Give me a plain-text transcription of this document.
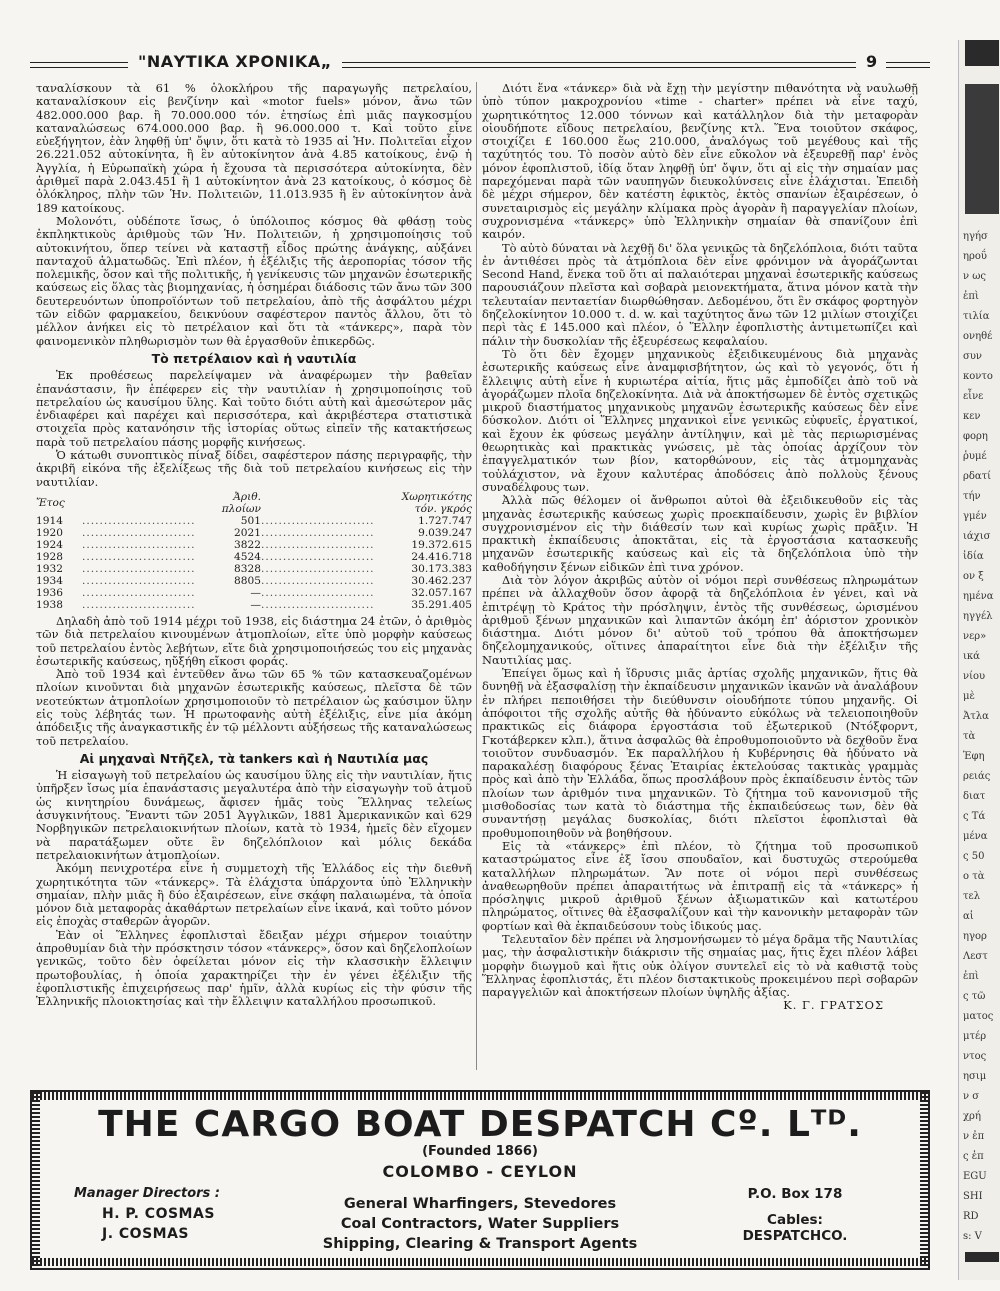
"ΝΑΥΤΙΚΑ ΧΡΟΝΙΚΑ„	9

ταναλίσκουν τὰ 61 % ὁλοκλήρου τῆς παραγωγῆς πετρελαίου, καταναλίσκουν εἰς βενζίνην καὶ «motor fuels» μόνον, ἄνω τῶν 482.000.000 βαρ. ἢ 70.000.000 τόν. ἐτησίως ἐπὶ μιᾶς παγκοσμίου καταναλώσεως 674.000.000 βαρ. ἢ 96.000.000 τ. Καὶ τοῦτο εἶνε εὐεξήγητον, ἐὰν ληφθῇ ὑπ' ὄψιν, ὅτι κατὰ τὸ 1935 αἱ Ἡν. Πολιτεῖαι εἶχον 26.221.052 αὐτοκίνητα, ἢ ἓν αὐτοκίνητον ἀνὰ 4.85 κατοίκους, ἐνῷ ἡ Ἀγγλία, ἡ Εὐρωπαϊκὴ χώρα ἡ ἔχουσα τὰ περισσότερα αὐτοκίνητα, δὲν ἀριθμεῖ παρὰ 2.043.451 ἢ 1 αὐτοκίνητον ἀνὰ 23 κατοίκους, ὁ κόσμος δὲ ὁλόκληρος, πλὴν τῶν Ἡν. Πολιτειῶν, 11.013.935 ἢ ἓν αὐτοκίνητον ἀνὰ 189 κατοίκους.

Μολονότι, οὐδέποτε ἴσως, ὁ ὑπόλοιπος κόσμος θὰ φθάσῃ τοὺς ἐκπληκτικοὺς ἀριθμοὺς τῶν Ἡν. Πολιτειῶν, ἡ χρησιμοποίησις τοῦ αὐτοκινήτου, ὅπερ τείνει νὰ καταστῇ εἶδος πρώτης ἀνάγκης, αὐξάνει πανταχοῦ ἁλματωδῶς. Ἐπὶ πλέον, ἡ ἐξέλιξις τῆς ἀεροπορίας τόσον τῆς πολεμικῆς, ὅσον καὶ τῆς πολιτικῆς, ἡ γενίκευσις τῶν μηχανῶν ἐσωτερικῆς καύσεως εἰς ὅλας τὰς βιομηχανίας, ἡ ὁσημέραι διάδοσις τῶν ἄνω τῶν 300 δευτερευόντων ὑποπροϊόντων τοῦ πετρελαίου, ἀπὸ τῆς ἀσφάλτου μέχρι τῶν εἰδῶν φαρμακείου, δεικνύουν σαφέστερον παντὸς ἄλλου, ὅτι τὸ μέλλον ἀνήκει εἰς τὸ πετρέλαιον καὶ ὅτι τὰ «τάνκερς», παρὰ τὸν φαινομενικὸν πληθωρισμὸν των θὰ ἐργασθοῦν ἐπικερδῶς.

Τὸ πετρέλαιον καὶ ἡ ναυτιλία

Ἐκ προθέσεως παρελείψαμεν νὰ ἀναφέρωμεν τὴν βαθεῖαν ἐπανάστασιν, ἣν ἐπέφερεν εἰς τὴν ναυτιλίαν ἡ χρησιμοποίησις τοῦ πετρελαίου ὡς καυσίμου ὕλης. Καὶ τοῦτο διότι αὐτὴ καὶ ἀμεσώτερον μᾶς ἐνδιαφέρει καὶ παρέχει καὶ περισσότερα, καὶ ἀκριβέστερα στατιστικὰ στοιχεῖα πρὸς κατανόησιν τῆς ἱστορίας οὕτως εἰπεῖν τῆς κατακτήσεως παρὰ τοῦ πετρελαίου πάσης μορφῆς κινήσεως.

Ὁ κάτωθι συνοπτικὸς πίναξ δίδει, σαφέστερον πάσης περιγραφῆς, τὴν ἀκριβῆ εἰκόνα τῆς ἐξελίξεως τῆς διὰ τοῦ πετρελαίου κινήσεως εἰς τὴν ναυτιλίαν.

Ἔτος		Ἀριθ. πλοίων		Χωρητικότης τόν. γκρός
1914	..........................	501	..........................	1.727.747
1920	..........................	2021	..........................	9.039.247
1924	..........................	3822	..........................	19.372.615
1928	..........................	4524	..........................	24.416.718
1932	..........................	8328	..........................	30.173.383
1934	..........................	8805	..........................	30.462.237
1936	..........................	—	..........................	32.057.167
1938	..........................	—	..........................	35.291.405

Δηλαδὴ ἀπὸ τοῦ 1914 μέχρι τοῦ 1938, εἰς διάστημα 24 ἐτῶν, ὁ ἀριθμὸς τῶν διὰ πετρελαίου κινουμένων ἀτμοπλοίων, εἴτε ὑπὸ μορφὴν καύσεως τοῦ πετρελαίου ἐντὸς λεβήτων, εἴτε διὰ χρησιμοποιήσεώς του εἰς μηχανὰς ἐσωτερικῆς καύσεως, ηὔξήθη εἴκοσι φοράς.

Ἀπὸ τοῦ 1934 καὶ ἐντεῦθεν ἄνω τῶν 65 % τῶν κατασκευαζομένων πλοίων κινοῦνται διὰ μηχανῶν ἐσωτερικῆς καύσεως, πλεῖστα δὲ τῶν νεοτεύκτων ἀτμοπλοίων χρησιμοποιοῦν τὸ πετρέλαιον ὡς καύσιμον ὕλην εἰς τοὺς λέβητάς των. Ἡ πρωτοφανὴς αὐτὴ ἐξέλιξις, εἶνε μία ἀκόμη ἀπόδειξις τῆς ἀναγκαστικῆς ἐν τῷ μέλλοντι αὐξήσεως τῆς καταναλώσεως τοῦ πετρελαίου.

Αἱ μηχαναὶ Ντῆζελ, τὰ tankers καὶ ἡ Ναυτιλία μας

Ἡ εἰσαγωγὴ τοῦ πετρελαίου ὡς καυσίμου ὕλης εἰς τὴν ναυτιλίαν, ἥτις ὑπῆρξεν ἴσως μία ἐπανάστασις μεγαλυτέρα ἀπὸ τὴν εἰσαγωγὴν τοῦ ἀτμοῦ ὡς κινητηρίου δυνάμεως, ἄφισεν ἡμᾶς τοὺς Ἕλληνας τελείως ἀσυγκινήτους. Ἔναντι τῶν 2051 Ἀγγλικῶν, 1881 Ἀμερικανικῶν καὶ 629 Νορβηγικῶν πετρελαιοκινήτων πλοίων, κατὰ τὸ 1934, ἡμεῖς δὲν εἴχομεν νὰ παρατάξωμεν οὔτε ἓν δηζελόπλοιον καὶ μόλις δεκάδα πετρελαιοκινήτων ἀτμοπλοίων.

Ἀκόμη πενιχροτέρα εἶνε ἡ συμμετοχὴ τῆς Ἑλλάδος εἰς τὴν διεθνῆ χωρητικότητα τῶν «τάνκερς». Τὰ ἐλάχιστα ὑπάρχοντα ὑπὸ Ἑλληνικὴν σημαίαν, πλὴν μιᾶς ἢ δύο ἐξαιρέσεων, εἶνε σκάφη παλαιωμένα, τὰ ὁποῖα μόνον διὰ μεταφορὰς ἀκαθάρτων πετρελαίων εἶνε ἱκανά, καὶ τοῦτο μόνον εἰς ἐποχὰς σταθερῶν ἀγορῶν.

Ἐὰν οἱ Ἕλληνες ἐφοπλισταὶ ἔδειξαν μέχρι σήμερον τοιαύτην ἀπροθυμίαν διὰ τὴν πρόσκτησιν τόσον «τάνκερς», ὅσον καὶ δηζελοπλοίων γενικῶς, τοῦτο δὲν ὀφείλεται μόνον εἰς τὴν κλασσικὴν ἔλλειψιν πρωτοβουλίας, ἡ ὁποία χαρακτηρίζει τὴν ἐν γένει ἐξέλιξιν τῆς ἐφοπλιστικῆς ἐπιχειρήσεως παρ' ἡμῖν, ἀλλὰ κυρίως εἰς τὴν φύσιν τῆς Ἑλληνικῆς πλοιοκτησίας καὶ τὴν ἔλλειψιν καταλλήλου προσωπικοῦ.

Διότι ἕνα «τάνκερ» διὰ νὰ ἔχῃ τὴν μεγίστην πιθανότητα νὰ ναυλωθῇ ὑπὸ τύπον μακροχρονίου «time - charter» πρέπει νὰ εἶνε ταχύ, χωρητικότητος 12.000 τόννων καὶ κατάλληλον διὰ τὴν μεταφορὰν οἱουδήποτε εἴδους πετρελαίου, βενζίνης κτλ. Ἕνα τοιοῦτον σκάφος, στοιχίζει £ 160.000 ἕως 210.000, ἀναλόγως τοῦ μεγέθους καὶ τῆς ταχύτητός του. Τὸ ποσὸν αὐτὸ δὲν εἶνε εὔκολον νὰ ἐξευρεθῇ παρ' ἑνὸς μόνον ἐφοπλιστοῦ, ἰδίᾳ ὅταν ληφθῇ ὑπ' ὄψιν, ὅτι αἱ εἰς τὴν σημαίαν μας παρεχόμεναι παρὰ τῶν ναυπηγῶν διευκολύνσεις εἶνε ἐλάχισται. Ἐπειδὴ δὲ μέχρι σήμερον, δὲν κατέστη ἐφικτὸς, ἐκτὸς σπανίων ἐξαιρέσεων, ὁ συνεταιρισμὸς εἰς μεγάλην κλίμακα πρὸς ἀγορὰν ἢ παραγγελίαν πλοίων, συχρονισμένα «τάνκερς» ὑπὸ Ἑλληνικὴν σημαίαν θὰ σπανίζουν ἐπὶ καιρόν.

Τὸ αὐτὸ δύναται νὰ λεχθῇ δι' ὅλα γενικῶς τὰ δηζελόπλοια, διότι ταῦτα ἐν ἀντιθέσει πρὸς τὰ ἀτμόπλοια δὲν εἶνε φρόνιμον νὰ ἀγοράζωνται Second Hand, ἕνεκα τοῦ ὅτι αἱ παλαιότεραι μηχαναὶ ἐσωτερικῆς καύσεως παρουσιάζουν πλεῖστα καὶ σοβαρὰ μειονεκτήματα, ἅτινα μόνον κατὰ τὴν τελευταίαν πενταετίαν διωρθώθησαν. Δεδομένου, ὅτι ἓν σκάφος φορτηγὸν δηζελοκίνητον 10.000 τ. d. w. καὶ ταχύτητος ἄνω τῶν 12 μιλίων στοιχίζει περὶ τὰς £ 145.000 καὶ πλέον, ὁ Ἕλλην ἐφοπλιστὴς ἀντιμετωπίζει καὶ πάλιν τὴν δυσκολίαν τῆς ἐξευρέσεως κεφαλαίου.

Τὸ ὅτι δὲν ἔχομεν μηχανικοὺς ἐξειδικευμένους διὰ μηχανὰς ἐσωτερικῆς καύσεως εἶνε ἀναμφισβήτητον, ὡς καὶ τὸ γεγονός, ὅτι ἡ ἔλλειψις αὐτὴ εἶνε ἡ κυριωτέρα αἰτία, ἥτις μᾶς ἐμποδίζει ἀπὸ τοῦ νὰ ἀγοράζωμεν πλοῖα δηζελοκίνητα. Διὰ νὰ ἀποκτήσωμεν δὲ ἐντὸς σχετικῶς μικροῦ διαστήματος μηχανικοὺς μηχανῶν ἐσωτερικῆς καύσεως δὲν εἶνε δύσκολον. Διότι οἱ Ἕλληνες μηχανικοὶ εἶνε γενικῶς εὐφυεῖς, ἐργατικοί, καὶ ἔχουν ἐκ φύσεως μεγάλην ἀντίληψιν, καὶ μὲ τὰς περιωρισμένας θεωρητικὰς καὶ πρακτικὰς γνώσεις, μὲ τὰς ὁποίας ἀρχίζουν τὸν ἐπαγγελματικόν των βίον, κατορθώνουν, εἰς τὰς ἀτμομηχανὰς τοὐλάχιστον, νὰ ἔχουν καλυτέρας ἀποδόσεις ἀπὸ πολλοὺς ξένους συναδέλφους των.

Ἀλλὰ πῶς θέλομεν οἱ ἄνθρωποι αὐτοὶ θὰ ἐξειδικευθοῦν εἰς τὰς μηχανὰς ἐσωτερικῆς καύσεως χωρὶς προεκπαίδευσιν, χωρὶς ἓν βιβλίον συγχρονισμένον εἰς τὴν διάθεσίν των καὶ κυρίως χωρὶς πρᾶξιν. Ἡ πρακτικὴ ἐκπαίδευσις ἀποκτᾶται, εἰς τὰ ἐργοστάσια κατασκευῆς μηχανῶν ἐσωτερικῆς καύσεως καὶ εἰς τὰ δηζελόπλοια ὑπὸ τὴν καθοδήγησιν ξένων εἰδικῶν ἐπὶ τινα χρόνον.

Διὰ τὸν λόγον ἀκριβῶς αὐτὸν οἱ νόμοι περὶ συνθέσεως πληρωμάτων πρέπει νὰ ἀλλαχθοῦν ὅσον ἀφορᾷ τὰ δηζελόπλοια ἐν γένει, καὶ νὰ ἐπιτρέψῃ τὸ Κράτος τὴν πρόσληψιν, ἐντὸς τῆς συνθέσεως, ὡρισμένου ἀριθμοῦ ξένων μηχανικῶν καὶ λιπαντῶν ἀκόμη ἐπ' ἀόριστον χρονικὸν διάστημα. Διότι μόνον δι' αὐτοῦ τοῦ τρόπου θὰ ἀποκτήσωμεν δηζελομηχανικούς, οἵτινες ἀπαραίτητοι εἶνε διὰ τὴν ἐξέλιξιν τῆς Ναυτιλίας μας.

Ἐπείγει ὅμως καὶ ἡ ἵδρυσις μιᾶς ἀρτίας σχολῆς μηχανικῶν, ἥτις θὰ δυνηθῇ νὰ ἐξασφαλίσῃ τὴν ἐκπαίδευσιν μηχανικῶν ἱκανῶν νὰ ἀναλάβουν ἐν πλήρει πεποιθήσει τὴν διεύθυνσιν οἱουδήποτε τύπου μηχανῆς. Οἱ ἀπόφοιτοι τῆς σχολῆς αὐτῆς θὰ ἠδύναντο εὐκόλως νὰ τελειοποιηθοῦν πρακτικῶς εἰς διάφορα ἐργοστάσια τοῦ ἐξωτερικοῦ (Ντόξφορντ, Γκοτάβερκεν κλπ.), ἅτινα ἀσφαλῶς θὰ ἐπροθυμοποιοῦντο νὰ δεχθοῦν ἕνα τοιοῦτον συνδυασμόν. Ἐκ παραλλήλου ἡ Κυβέρνησις θὰ ἠδύνατο νὰ παρακαλέσῃ διαφόρους ξένας Ἑταιρίας ἐκτελούσας τακτικὰς γραμμὰς πρὸς καὶ ἀπὸ τὴν Ἑλλάδα, ὅπως προσλάβουν πρὸς ἐκπαίδευσιν ἐντὸς τῶν πλοίων των ἀριθμόν τινα μηχανικῶν. Τὸ ζήτημα τοῦ κανονισμοῦ τῆς μισθοδοσίας των κατὰ τὸ διάστημα τῆς ἐκπαιδεύσεως των, δὲν θὰ συναντήσῃ μεγάλας δυσκολίας, διότι πλεῖστοι ἐφοπλισταὶ θὰ προθυμοποιηθοῦν νὰ βοηθήσουν.

Εἰς τὰ «τάνκερς» ἐπὶ πλέον, τὸ ζήτημα τοῦ προσωπικοῦ καταστρώματος εἶνε ἐξ ἴσου σπουδαῖον, καὶ δυστυχῶς στερούμεθα καταλλήλων πληρωμάτων. Ἂν ποτε οἱ νόμοι περὶ συνθέσεως ἀναθεωρηθοῦν πρέπει ἀπαραιτήτως νὰ ἐπιτραπῇ εἰς τὰ «τάνκερς» ἡ πρόσληψις μικροῦ ἀριθμοῦ ξένων ἀξιωματικῶν καὶ κατωτέρου πληρώματος, οἵτινες θὰ ἐξασφαλίζουν καὶ τὴν κανονικὴν μεταφορὰν τῶν φορτίων καὶ θὰ ἐκπαιδεύσουν τοὺς ἰδικούς μας.

Τελευταῖον δὲν πρέπει νὰ λησμονήσωμεν τὸ μέγα δρᾶμα τῆς Ναυτιλίας μας, τὴν ἀσφαλιστικὴν διάκρισιν τῆς σημαίας μας, ἥτις ἔχει πλέον λάβει μορφὴν διωγμοῦ καὶ ἥτις οὐκ ὀλίγον συντελεῖ εἰς τὸ νὰ καθιστᾷ τοὺς Ἕλληνας ἐφοπλιστάς, ἔτι πλέον διστακτικοὺς προκειμένου περὶ σοβαρῶν παραγγελιῶν καὶ ἀποκτήσεων πλοίων ὑψηλῆς ἀξίας.

Κ. Γ. ΓΡΑΤΣΟΣ

THE CARGO BOAT DESPATCH Cº. Lᵀᴰ.
(Founded 1866)
COLOMBO - CEYLON
Manager Directors :
H. P. COSMAS
J. COSMAS
General Wharfingers, Stevedores
Coal Contractors, Water Suppliers
Shipping, Clearing & Transport Agents
P.O. Box 178
Cables:
DESPATCHCO.
ηγήσ
ηροΰ
ν ως
ἐπὶ
τιλία
ονηθέ
συν
κοντο
εἶνε
κεν
φορη
ῥυμέ
ρδατί
τήν
γμέν
ιάχισ
ἰδία
ον ξ
ημένα
ηγγέλ
νερ»
ικά
νίου
μὲ
Ἀτλα
τὰ
Ἐφη
ρειάς
διατ
ς Τά
μένα
ς 50
ο τὰ
τελ
αἱ
ηγορ
Λεστ
ἐπὶ
ς τῶ
ματος
μτέρ
ντος
ησιμ
ν σ
χρή
ν ἐπ
ς ἐπ
EGU
SHI
RD
s: V
